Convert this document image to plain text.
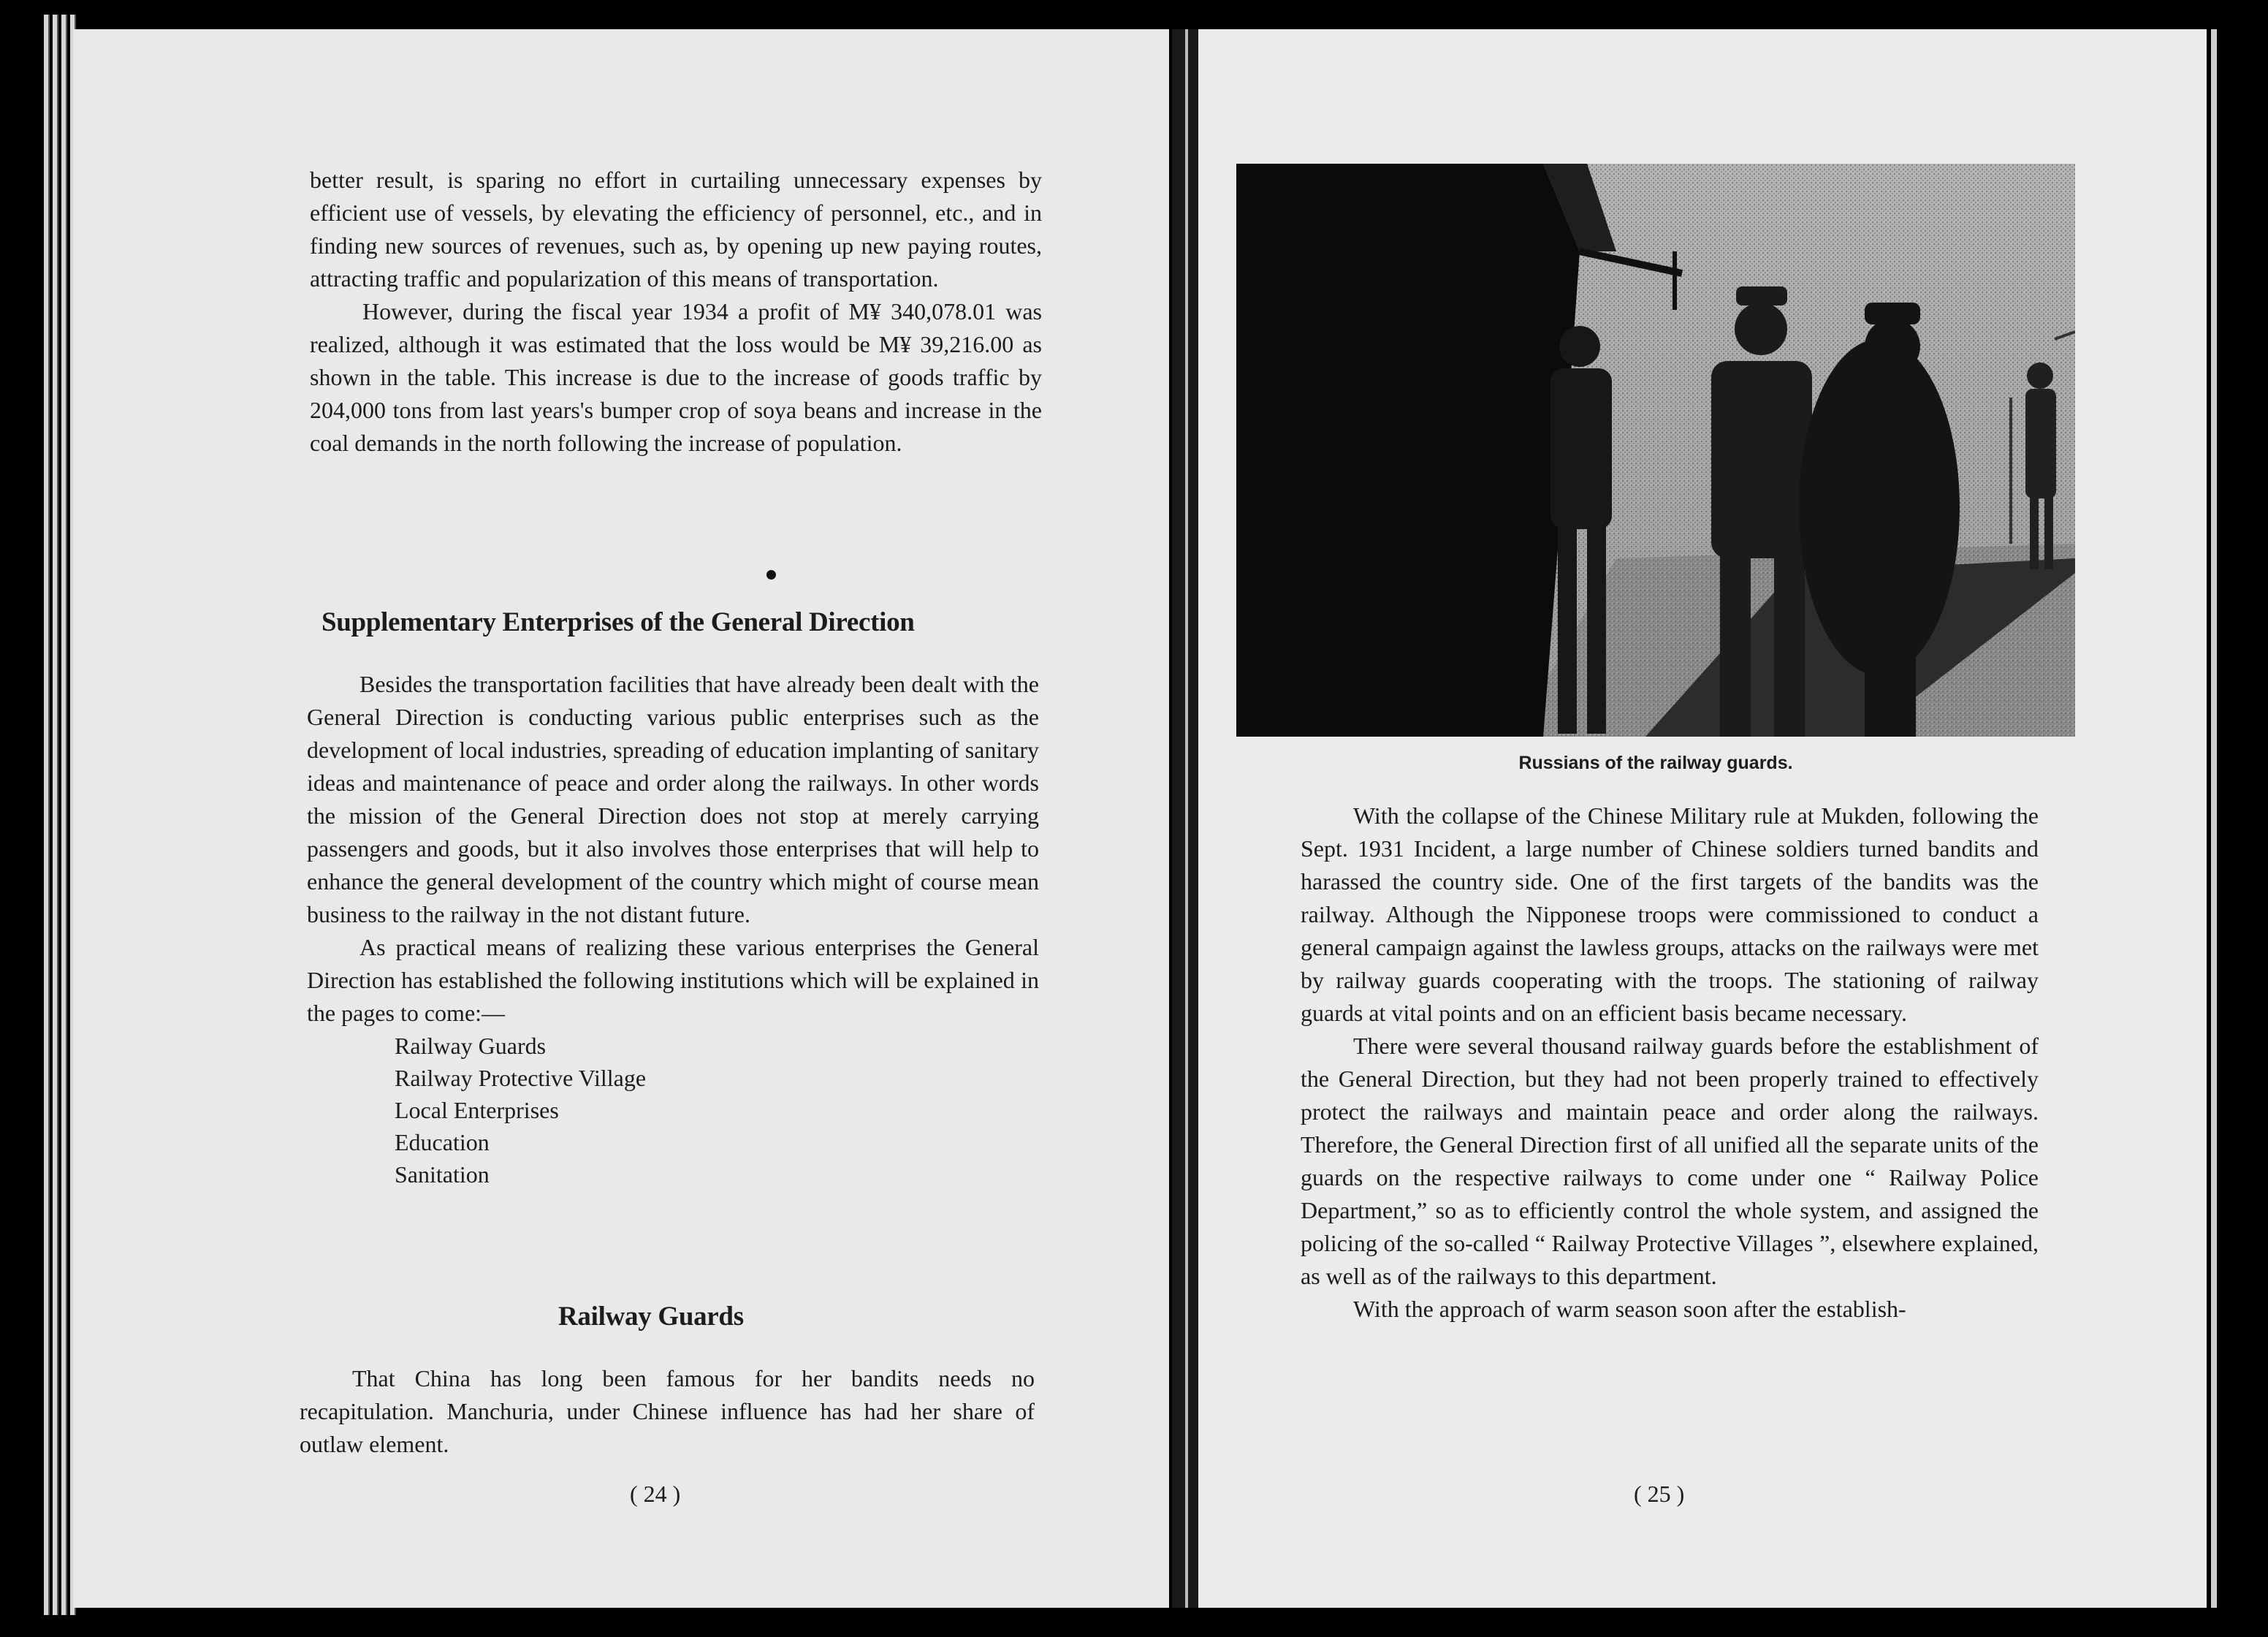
better result, is sparing no effort in curtailing unnecessary expenses by efficient use of vessels, by elevating the efficiency of personnel, etc., and in finding new sources of revenues, such as, by opening up new paying routes, attracting traffic and popularization of this means of transportation.

However, during the fiscal year 1934 a profit of M¥ 340,078.01 was realized, although it was estimated that the loss would be M¥ 39,216.00 as shown in the table. This increase is due to the increase of goods traffic by 204,000 tons from last years's bumper crop of soya beans and increase in the coal demands in the north following the increase of population.

Supplementary Enterprises of the General Direction

Besides the transportation facilities that have already been dealt with the General Direction is conducting various public enterprises such as the development of local industries, spreading of education implanting of sanitary ideas and maintenance of peace and order along the railways. In other words the mission of the General Direction does not stop at merely carrying passengers and goods, but it also involves those enterprises that will help to enhance the general development of the country which might of course mean business to the railway in the not distant future.

As practical means of realizing these various enterprises the General Direction has established the following institutions which will be explained in the pages to come:—

Railway Guards
Railway Protective Village
Local Enterprises
Education
Sanitation
Railway Guards

That China has long been famous for her bandits needs no recapitulation. Manchuria, under Chinese influence has had her share of outlaw element.

( 24 )
Russians of the railway guards.

With the collapse of the Chinese Military rule at Mukden, following the Sept. 1931 Incident, a large number of Chinese soldiers turned bandits and harassed the country side. One of the first targets of the bandits was the railway. Although the Nipponese troops were commissioned to conduct a general campaign against the lawless groups, attacks on the railways were met by railway guards cooperating with the troops. The stationing of railway guards at vital points and on an efficient basis became necessary.

There were several thousand railway guards before the establishment of the General Direction, but they had not been properly trained to effectively protect the railways and maintain peace and order along the railways. Therefore, the General Direction first of all unified all the separate units of the guards on the respective railways to come under one “ Railway Police Department,” so as to efficiently control the whole system, and assigned the policing of the so-called “ Railway Protective Villages ”, elsewhere explained, as well as of the railways to this department.

With the approach of warm season soon after the establish-

( 25 )
